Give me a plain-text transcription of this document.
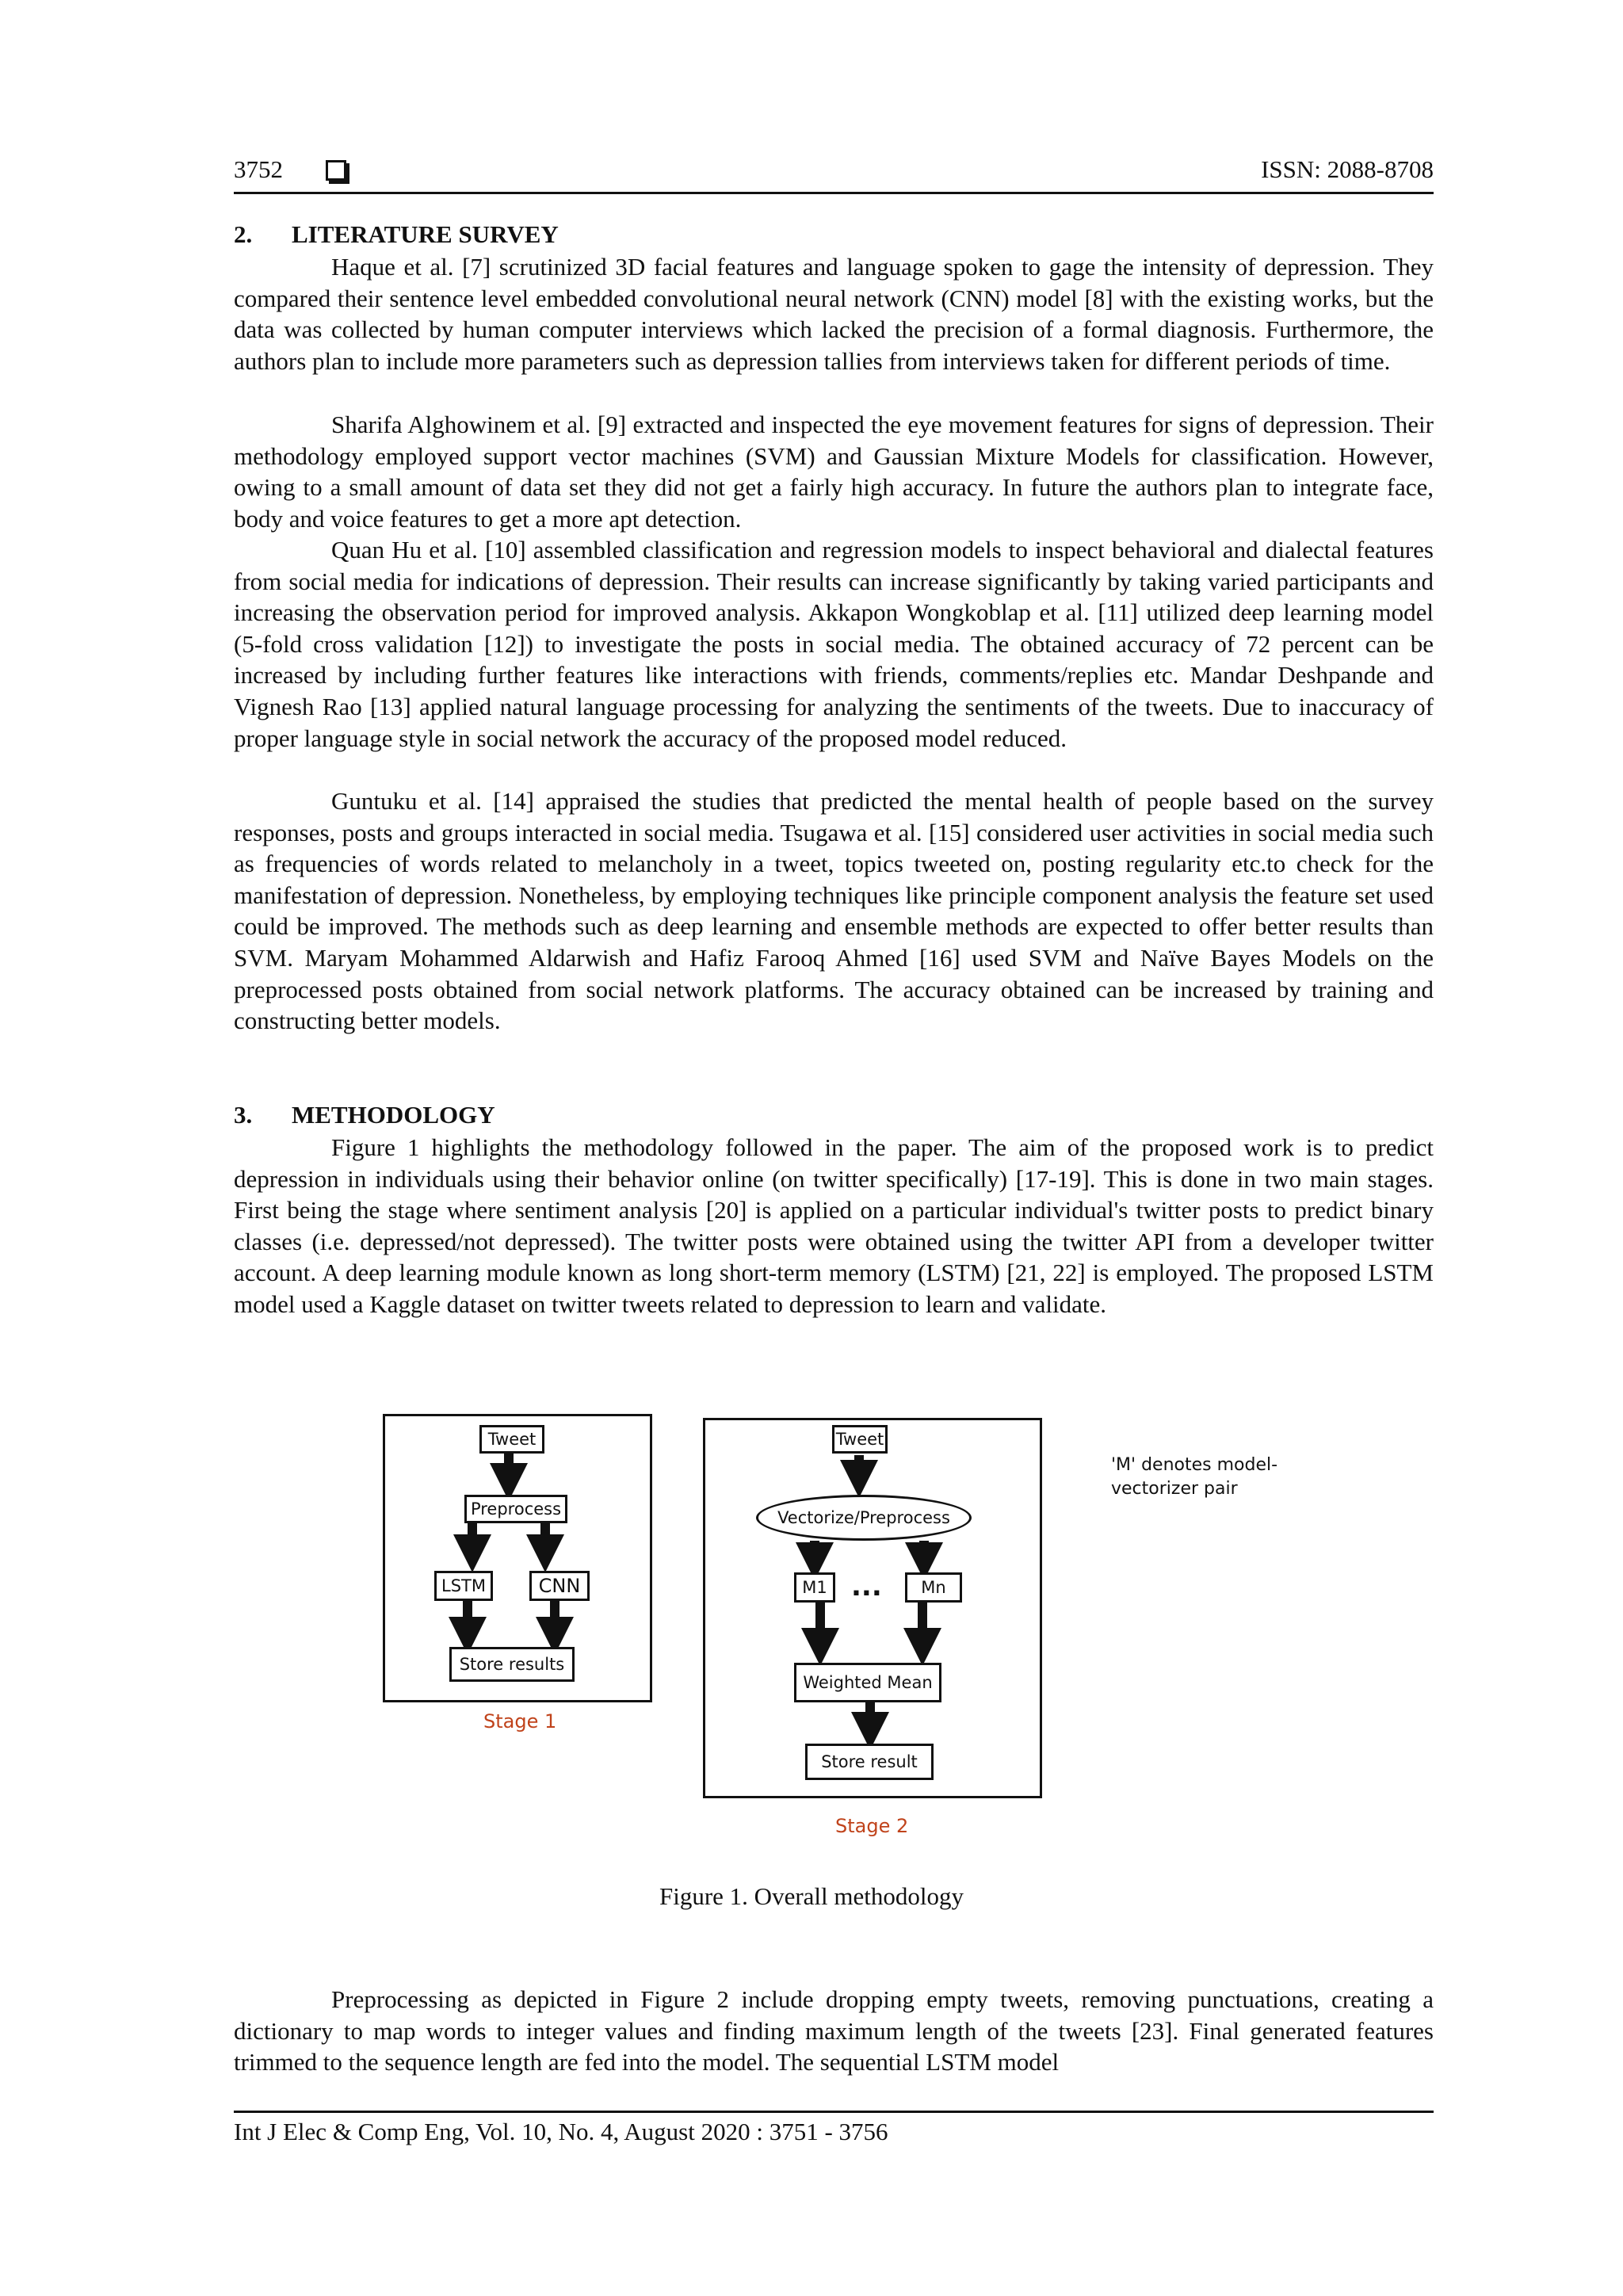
3752	ISSN: 2088-8708
2. LITERATURE SURVEY

Haque et al. [7] scrutinized 3D facial features and language spoken to gage the intensity of depression. They compared their sentence level embedded convolutional neural network (CNN) model [8] with the existing works, but the data was collected by human computer interviews which lacked the precision of a formal diagnosis. Furthermore, the authors plan to include more parameters such as depression tallies from interviews taken for different periods of time.

Sharifa Alghowinem et al. [9] extracted and inspected the eye movement features for signs of depression. Their methodology employed support vector machines (SVM) and Gaussian Mixture Models for classification. However, owing to a small amount of data set they did not get a fairly high accuracy. In future the authors plan to integrate face, body and voice features to get a more apt detection.

Quan Hu et al. [10] assembled classification and regression models to inspect behavioral and dialectal features from social media for indications of depression. Their results can increase significantly by taking varied participants and increasing the observation period for improved analysis. Akkapon Wongkoblap et al. [11] utilized deep learning model (5-fold cross validation [12]) to investigate the posts in social media. The obtained accuracy of 72 percent can be increased by including further features like interactions with friends, comments/replies etc. Mandar Deshpande and Vignesh Rao [13] applied natural language processing for analyzing the sentiments of the tweets. Due to inaccuracy of proper language style in social network the accuracy of the proposed model reduced.

Guntuku et al. [14] appraised the studies that predicted the mental health of people based on the survey responses, posts and groups interacted in social media. Tsugawa et al. [15] considered user activities in social media such as frequencies of words related to melancholy in a tweet, topics tweeted on, posting regularity etc.to check for the manifestation of depression. Nonetheless, by employing techniques like principle component analysis the feature set used could be improved. The methods such as deep learning and ensemble methods are expected to offer better results than SVM. Maryam Mohammed Aldarwish and Hafiz Farooq Ahmed [16] used SVM and Naïve Bayes Models on the preprocessed posts obtained from social network platforms. The accuracy obtained can be increased by training and constructing better models.

3. METHODOLOGY

Figure 1 highlights the methodology followed in the paper. The aim of the proposed work is to predict depression in individuals using their behavior online (on twitter specifically) [17-19]. This is done in two main stages. First being the stage where sentiment analysis [20] is applied on a particular individual's twitter posts to predict binary classes (i.e. depressed/not depressed). The twitter posts were obtained using the twitter API from a developer twitter account. A deep learning module known as long short-term memory (LSTM) [21, 22] is employed. The proposed LSTM model used a Kaggle dataset on twitter tweets related to depression to learn and validate.

Tweet
Preprocess
LSTM	CNN
Store results
Stage 1
Tweet
Vectorize/Preprocess
M1 ...	Mn
Weighted Mean
Store result
Stage 2
'M' denotes model-vectorizer pair
Figure 1. Overall methodology

Preprocessing as depicted in Figure 2 include dropping empty tweets, removing punctuations, creating a dictionary to map words to integer values and finding maximum length of the tweets [23]. Final generated features trimmed to the sequence length are fed into the model. The sequential LSTM model

Int J Elec & Comp Eng, Vol. 10, No. 4, August 2020 : 3751 - 3756
